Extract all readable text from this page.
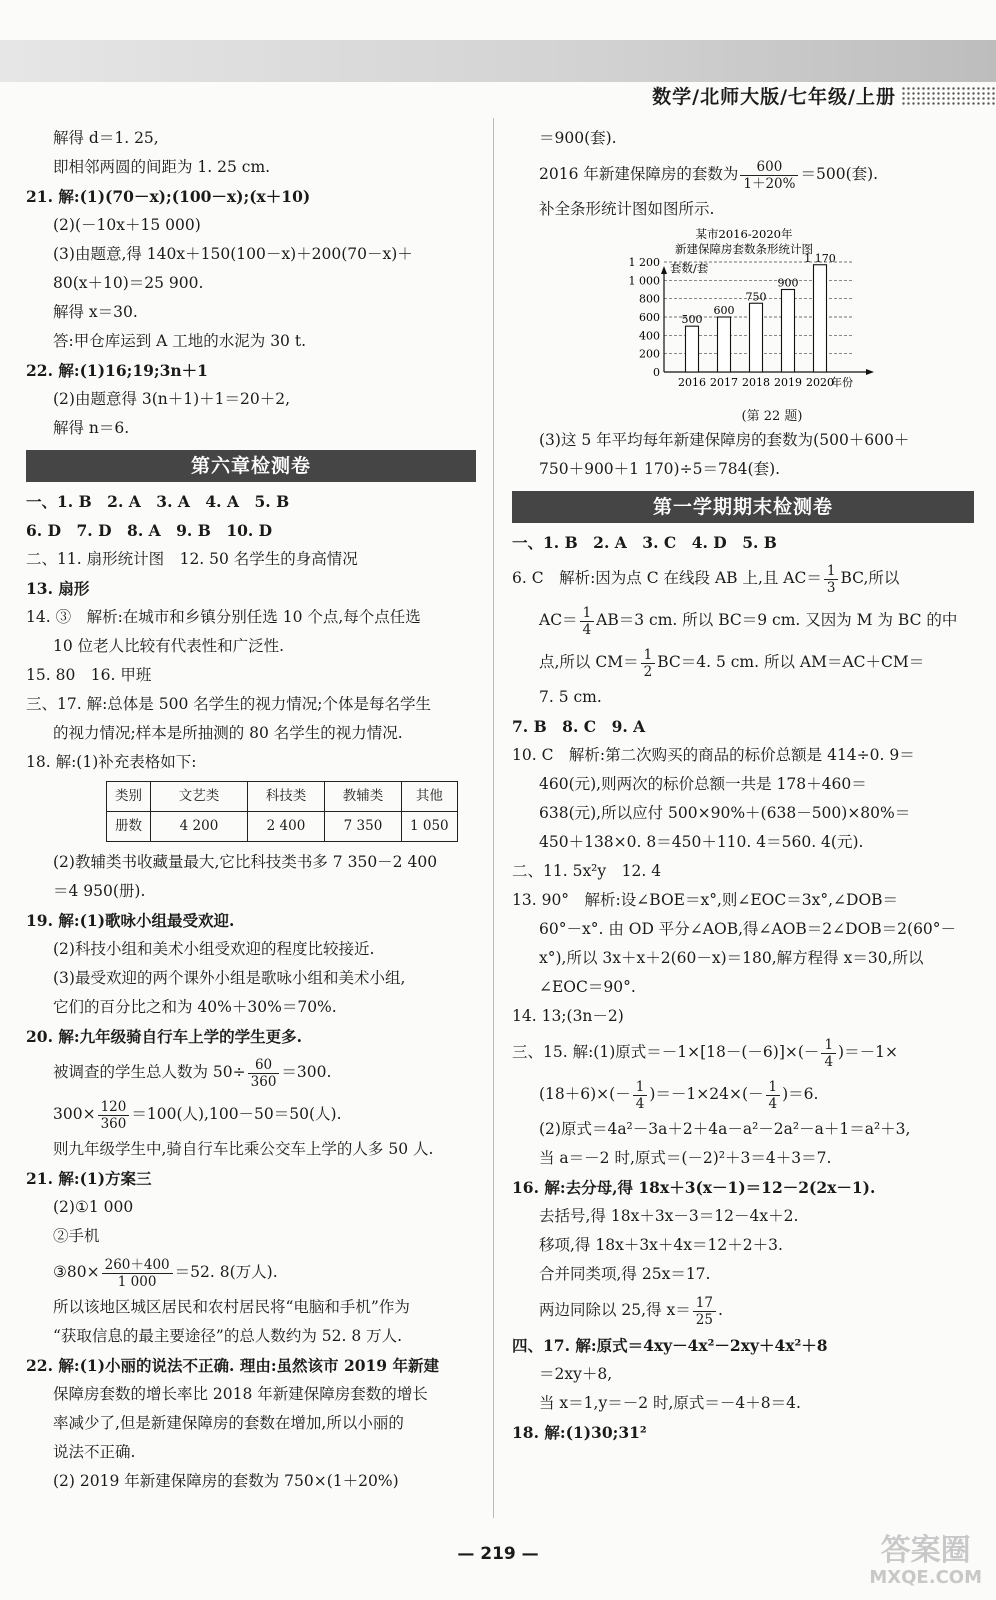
数学/北师大版/七年级/上册
解得 d＝1. 25,
即相邻两圆的间距为 1. 25 cm.
21. 解:(1)(70－x);(100－x);(x＋10)
(2)(－10x＋15 000)
(3)由题意,得 140x＋150(100－x)＋200(70－x)＋
80(x＋10)＝25 900.
解得 x＝30.
答:甲仓库运到 A 工地的水泥为 30 t.
22. 解:(1)16;19;3n＋1
(2)由题意得 3(n＋1)＋1＝20＋2,
解得 n＝6.
第六章检测卷
一、1. B　2. A　3. A　4. A　5. B
6. D　7. D　8. A　9. B　10. D
二、11. 扇形统计图　12. 50 名学生的身高情况
13. 扇形
14. ③　解析:在城市和乡镇分别任选 10 个点,每个点任选
10 位老人比较有代表性和广泛性.
15. 80　16. 甲班
三、17. 解:总体是 500 名学生的视力情况;个体是每名学生
的视力情况;样本是所抽测的 80 名学生的视力情况.
18. 解:(1)补充表格如下:
类别	文艺类	科技类	教辅类	其他
册数	4 200	2 400	7 350	1 050
(2)教辅类书收藏量最大,它比科技类书多 7 350－2 400
＝4 950(册).
19. 解:(1)歌咏小组最受欢迎.
(2)科技小组和美术小组受欢迎的程度比较接近.
(3)最受欢迎的两个课外小组是歌咏小组和美术小组,
它们的百分比之和为 40%＋30%＝70%.
20. 解:九年级骑自行车上学的学生更多.
被调查的学生总人数为 $50\div \frac{60}{360} =300$.
$300\times \frac{120}{360} =100$(人),100－50＝50(人).
则九年级学生中,骑自行车比乘公交车上学的人多 50 人.
21. 解:(1)方案三
(2)①1 000
②手机
③80× $\frac{260+400}{1 000} =52$. 8(万人).
所以该地区城区居民和农村居民将“电脑和手机”作为
“获取信息的最主要途径”的总人数约为 52. 8 万人.
22. 解:(1)小丽的说法不正确. 理由:虽然该市 2019 年新建
保障房套数的增长率比 2018 年新建保障房套数的增长
率减少了,但是新建保障房的套数在增加,所以小丽的
说法不正确.
(2) 2019 年新建保障房的套数为 750×(1＋20%)
＝900(套).
2016 年新建保障房的套数为 $\frac{600}{1+20\%} =500$(套).
补全条形统计图如图所示.
某市2016-2020年
新建保障房套数条形统计图
0
200
400
600
800
1 000
1 200 套数/套
500
2016
600
2017
750
2018
900
2019
1 170
2020
年份
(第 22 题)
(3)这 5 年平均每年新建保障房的套数为(500＋600＋
750＋900＋1 170)÷5＝784(套).
第一学期期末检测卷
一、1. B　2. A　3. C　4. D　5. B
6. C　解析:因为点 C 在线段 AB 上,且 $AC= \frac{1}{3}$ BC,所以
$AC= \frac{1}{4} AB=3$ cm. 所以 BC＝9 cm. 又因为 M 为 BC 的中
点,所以 $CM= \frac{1}{2} BC=4$. 5 cm. 所以 AM＝AC＋CM＝
7. 5 cm.
7. B　8. C　9. A
10. C　解析:第二次购买的商品的标价总额是 414÷0. 9＝
460(元),则两次的标价总额一共是 178＋460＝
638(元),所以应付 500×90%＋(638－500)×80%＝
450＋138×0. 8＝450＋110. 4＝560. 4(元).
二、11. 5x²y　12. 4
13. 90°　解析:设∠BOE＝x°,则∠EOC＝3x°,∠DOB＝
60°－x°. 由 OD 平分∠AOB,得∠AOB＝2∠DOB＝2(60°－
x°),所以 3x＋x＋2(60－x)＝180,解方程得 x＝30,所以
∠EOC＝90°.
14. 13;(3n－2)
三、15. 解:(1)原式$=-1\times[18-(-6)]\times(- \frac{1}{4} )=-1\times$
$(18+6)\times(- \frac{1}{4} )=-1\times 24\times(- \frac{1}{4} )=6$.
(2)原式＝4a²－3a＋2＋4a－a²－2a²－a＋1＝a²＋3,
当 a＝－2 时,原式＝(－2)²＋3＝4＋3＝7.
16. 解:去分母,得 18x＋3(x－1)＝12－2(2x－1).
去括号,得 18x＋3x－3＝12－4x＋2.
移项,得 18x＋3x＋4x＝12＋2＋3.
合并同类项,得 25x＝17.
两边同除以 25,得 $x= \frac{17}{25}$ .
四、17. 解:原式＝4xy－4x²－2xy＋4x²＋8
＝2xy＋8,
当 x＝1,y＝－2 时,原式＝－4＋8＝4.
18. 解:(1)30;31²
— 219 —	答案圈
MXQE.COM
